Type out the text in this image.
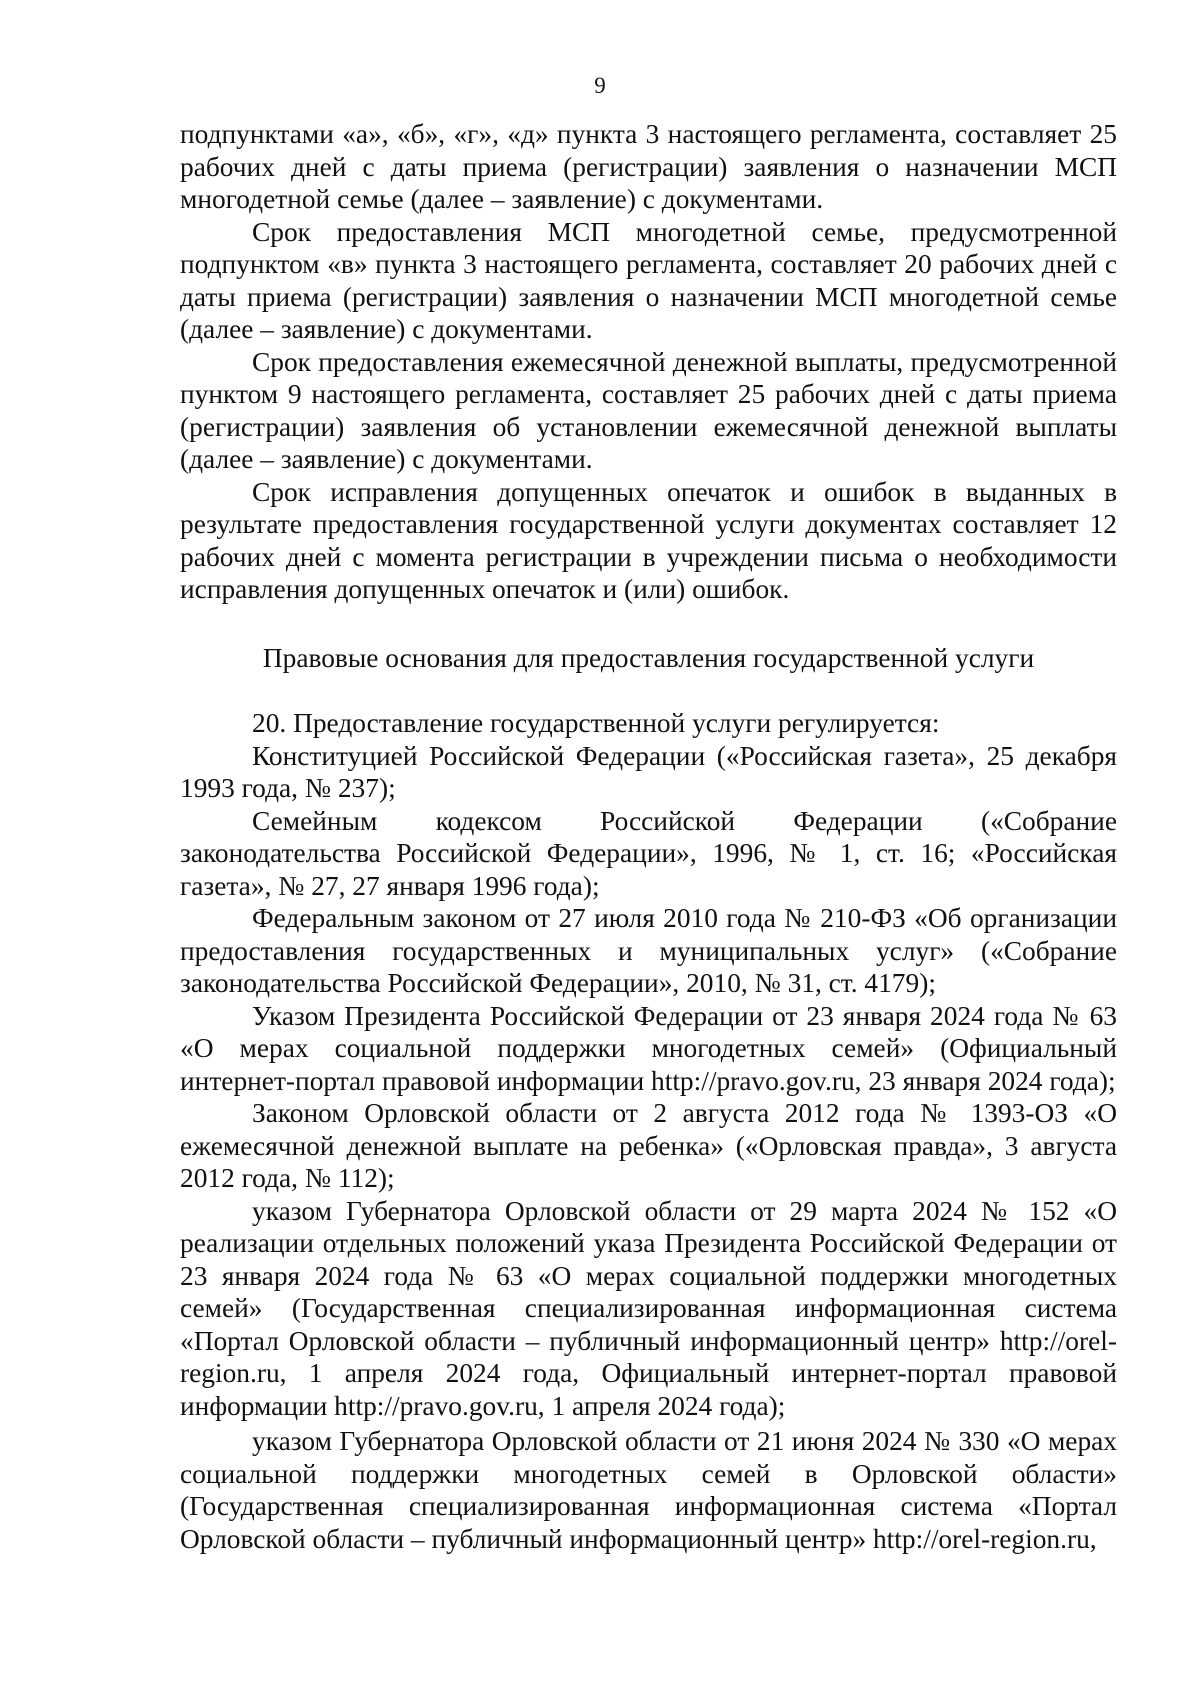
9

подпунктами «а», «б», «г», «д» пункта 3 настоящего регламента, составляет 25 рабочих дней с даты приема (регистрации) заявления о назначении МСП многодетной семье (далее – заявление) с документами.

Срок предоставления МСП многодетной семье, предусмотренной подпунктом «в» пункта 3 настоящего регламента, составляет 20 рабочих дней с даты приема (регистрации) заявления о назначении МСП многодетной семье (далее – заявление) с документами.

Срок предоставления ежемесячной денежной выплаты, предусмотренной пунктом 9 настоящего регламента, составляет 25 рабочих дней с даты приема (регистрации) заявления об установлении ежемесячной денежной выплаты (далее – заявление) с документами.

Срок исправления допущенных опечаток и ошибок в выданных в результате предоставления государственной услуги документах составляет 12 рабочих дней с момента регистрации в учреждении письма о необходимости исправления допущенных опечаток и (или) ошибок.

Правовые основания для предоставления государственной услуги

20. Предоставление государственной услуги регулируется:

Конституцией Российской Федерации («Российская газета», 25 декабря 1993 года, № 237);

Семейным кодексом Российской Федерации («Собрание законодательства Российской Федерации», 1996, № 1, ст. 16; «Российская газета», № 27, 27 января 1996 года);

Федеральным законом от 27 июля 2010 года № 210-ФЗ «Об организации предоставления государственных и муниципальных услуг» («Собрание законодательства Российской Федерации», 2010, № 31, ст. 4179);

Указом Президента Российской Федерации от 23 января 2024 года № 63 «О мерах социальной поддержки многодетных семей» (Официальный интернет-портал правовой информации http://pravo.gov.ru, 23 января 2024 года);

Законом Орловской области от 2 августа 2012 года № 1393-ОЗ «О ежемесячной денежной выплате на ребенка» («Орловская правда», 3 августа 2012 года, № 112);

указом Губернатора Орловской области от 29 марта 2024 № 152 «О реализации отдельных положений указа Президента Российской Федерации от 23 января 2024 года № 63 «О мерах социальной поддержки многодетных семей» (Государственная специализированная информационная система «Портал Орловской области – публичный информационный центр» http://orel-region.ru, 1 апреля 2024 года, Официальный интернет-портал правовой информации http://pravo.gov.ru, 1 апреля 2024 года);

указом Губернатора Орловской области от 21 июня 2024 № 330 «О мерах социальной поддержки многодетных семей в Орловской области» (Государственная специализированная информационная система «Портал Орловской области – публичный информационный центр» http://orel-region.ru,
